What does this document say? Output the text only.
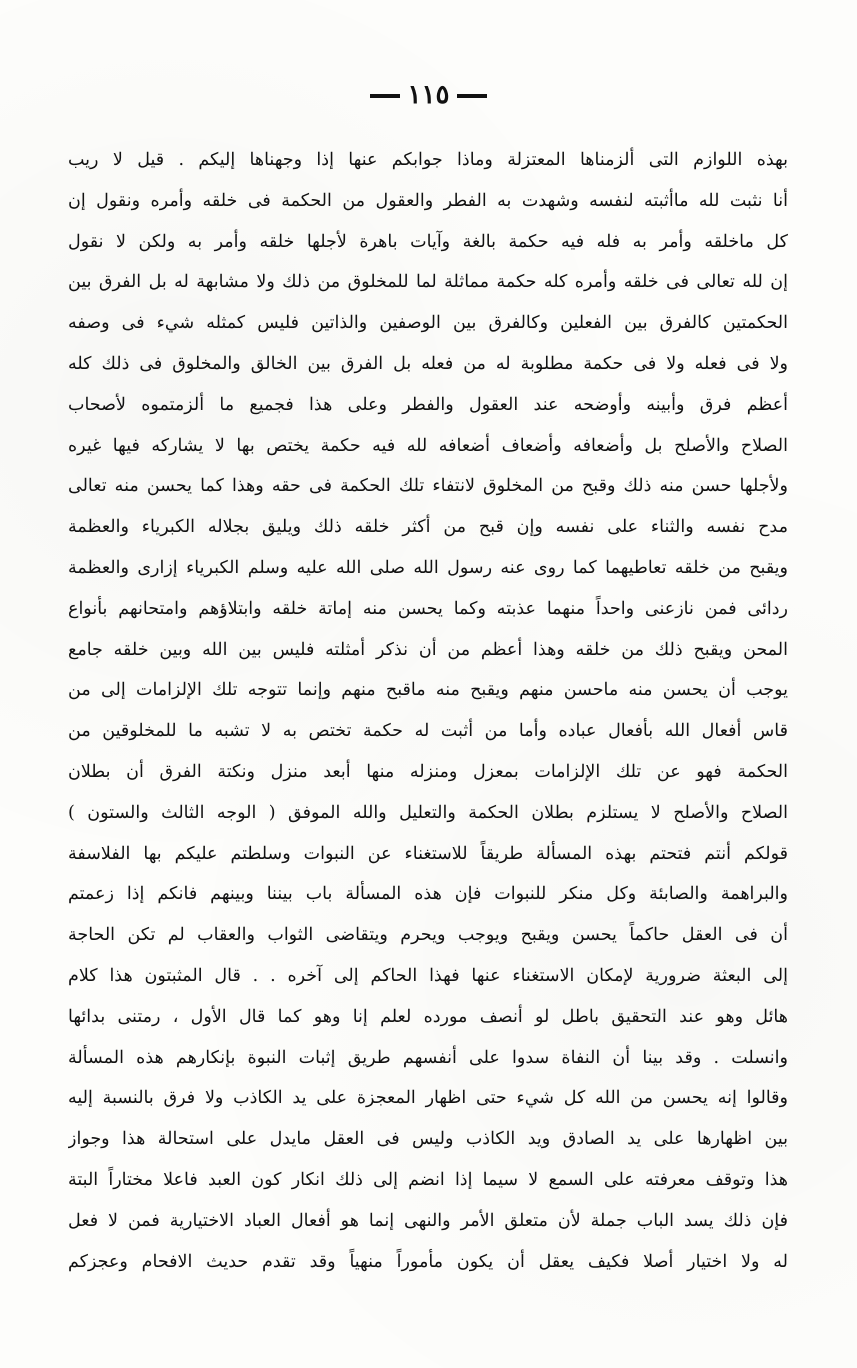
١١٥
بهذه اللوازم التى ألزمناها المعتزلة وماذا جوابكم عنها إذا وجهناها إليكم . قيل لا ريب
أنا نثبت لله ماأثبته لنفسه وشهدت به الفطر والعقول من الحكمة فى خلقه وأمره ونقول إن
كل ماخلقه وأمر به فله فيه حكمة بالغة وآيات باهرة لأجلها خلقه وأمر به ولكن لا نقول
إن لله تعالى فى خلقه وأمره كله حكمة مماثلة لما للمخلوق من ذلك ولا مشابهة له بل الفرق بين
الحكمتين كالفرق بين الفعلين وكالفرق بين الوصفين والذاتين فليس كمثله شيء فى وصفه
ولا فى فعله ولا فى حكمة مطلوبة له من فعله بل الفرق بين الخالق والمخلوق فى ذلك كله
أعظم فرق وأبينه وأوضحه عند العقول والفطر وعلى هذا فجميع ما ألزمتموه لأصحاب
الصلاح والأصلح بل وأضعافه وأضعاف أضعافه لله فيه حكمة يختص بها لا يشاركه فيها غيره
ولأجلها حسن منه ذلك وقبح من المخلوق لانتفاء تلك الحكمة فى حقه وهذا كما يحسن منه تعالى
مدح نفسه والثناء على نفسه وإن قبح من أكثر خلقه ذلك ويليق بجلاله الكبرياء والعظمة
ويقبح من خلقه تعاطيهما كما روى عنه رسول الله صلى الله عليه وسلم الكبرياء إزارى والعظمة
ردائى فمن نازعنى واحداً منهما عذبته وكما يحسن منه إماتة خلقه وابتلاؤهم وامتحانهم بأنواع
المحن ويقبح ذلك من خلقه وهذا أعظم من أن نذكر أمثلته فليس بين الله وبين خلقه جامع
يوجب أن يحسن منه ماحسن منهم ويقبح منه ماقبح منهم وإنما تتوجه تلك الإلزامات إلى من
قاس أفعال الله بأفعال عباده وأما من أثبت له حكمة تختص به لا تشبه ما للمخلوقين من
الحكمة فهو عن تلك الإلزامات بمعزل ومنزله منها أبعد منزل ونكتة الفرق أن بطلان
الصلاح والأصلح لا يستلزم بطلان الحكمة والتعليل والله الموفق ( الوجه الثالث والستون )
قولكم أنتم فتحتم بهذه المسألة طريقاً للاستغناء عن النبوات وسلطتم عليكم بها الفلاسفة
والبراهمة والصابئة وكل منكر للنبوات فإن هذه المسألة باب بيننا وبينهم فانكم إذا زعمتم
أن فى العقل حاكماً يحسن ويقبح ويوجب ويحرم ويتقاضى الثواب والعقاب لم تكن الحاجة
إلى البعثة ضرورية لإمكان الاستغناء عنها فهذا الحاكم إلى آخره . . قال المثبتون هذا كلام
هائل وهو عند التحقيق باطل لو أنصف مورده لعلم إنا وهو كما قال الأول ، رمتنى بدائها
وانسلت . وقد بينا أن النفاة سدوا على أنفسهم طريق إثبات النبوة بإنكارهم هذه المسألة
وقالوا إنه يحسن من الله كل شيء حتى اظهار المعجزة على يد الكاذب ولا فرق بالنسبة إليه
بين اظهارها على يد الصادق ويد الكاذب وليس فى العقل مايدل على استحالة هذا وجواز
هذا وتوقف معرفته على السمع لا سيما إذا انضم إلى ذلك انكار كون العبد فاعلا مختاراً البتة
فإن ذلك يسد الباب جملة لأن متعلق الأمر والنهى إنما هو أفعال العباد الاختيارية فمن لا فعل
له ولا اختيار أصلا فكيف يعقل أن يكون مأموراً منهياً وقد تقدم حديث الافحام وعجزكم
